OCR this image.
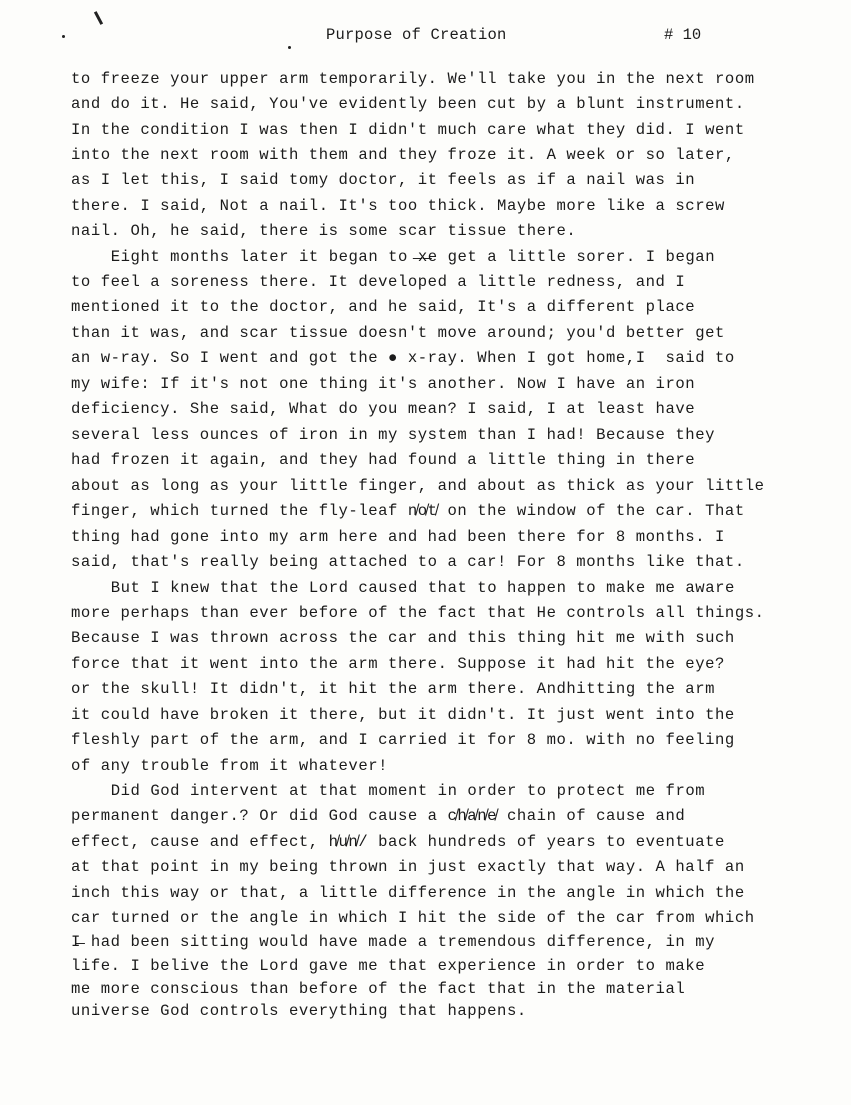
Purpose of Creation	# 10
to freeze your upper arm temporarily. We'll take you in the next room
and do it. He said, You've evidently been cut by a blunt instrument.
In the condition I was then I didn't much care what they did. I went
into the next room with them and they froze it. A week or so later,
as I let this, I said tomy doctor, it feels as if a nail was in
there. I said, Not a nail. It's too thick. Maybe more like a screw
nail. Oh, he said, there is some scar tissue there.
Eight months later it began to ̶x̶e get a little sorer. I began
to feel a soreness there. It developed a little redness, and I
mentioned it to the doctor, and he said, It's a different place
than it was, and scar tissue doesn't move around; you'd better get
an w-ray. So I went and got the ● x-ray. When I got home,I  said to
my wife: If it's not one thing it's another. Now I have an iron
deficiency. She said, What do you mean? I said, I at least have
several less ounces of iron in my system than I had! Because they
had frozen it again, and they had found a little thing in there
about as long as your little finger, and about as thick as your little
finger, which turned the fly-leaf n̸o̸t̸ on the window of the car. That
thing had gone into my arm here and had been there for 8 months. I
said, that's really being attached to a car! For 8 months like that.
But I knew that the Lord caused that to happen to make me aware
more perhaps than ever before of the fact that He controls all things.
Because I was thrown across the car and this thing hit me with such
force that it went into the arm there. Suppose it had hit the eye?
or the skull! It didn't, it hit the arm there. Andhitting the arm
it could have broken it there, but it didn't. It just went into the
fleshly part of the arm, and I carried it for 8 mo. with no feeling
of any trouble from it whatever!
Did God intervent at that moment in order to protect me from
permanent danger.? Or did God cause a c̸h̸a̸n̸e̸ chain of cause and
effect, cause and effect, h̸u̸n̸/ back hundreds of years to eventuate
at that point in my being thrown in just exactly that way. A half an
inch this way or that, a little difference in the angle in which the
car turned or the angle in which I hit the side of the car from which
I̶ had been sitting would have made a tremendous difference, in my
life. I belive the Lord gave me that experience in order to make
me more conscious than before of the fact that in the material
universe God controls everything that happens.
